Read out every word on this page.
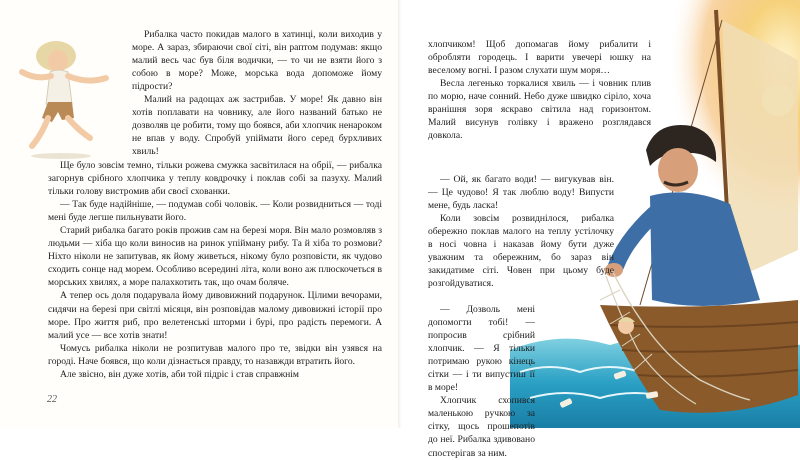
Рибалка часто покидав малого в хатинці, коли виходив у море. А зараз, збираючи свої сіті, він раптом подумав: якщо малий весь час був біля водички, — то чи не взяти його з собою в море? Може, морська вода допоможе йому підрости?

Малий на радощах аж застрибав. У море! Як давно він хотів поплавати на човнику, але його названий батько не дозволяв це робити, тому що боявся, аби хлопчик ненароком не впав у воду. Спробуй упіймати його серед бурхливих хвиль!

Ще було зовсім темно, тільки рожева смужка засвітилася на обрії, — рибалка загорнув срібного хлопчика у теплу ковдрочку і поклав собі за пазуху. Малий тільки голову вистромив аби своєї схованки.

— Так буде надійніше, — подумав собі чоловік. — Коли розвидниться — тоді мені буде легше пильнувати його.

Старий рибалка багато років прожив сам на березі моря. Він мало розмовляв з людьми — хіба що коли виносив на ринок упійману рибу. Та й хіба то розмови? Ніхто ніколи не запитував, як йому живеться, нікому було розповісти, як чудово сходить сонце над морем. Особливо всередині літа, коли воно аж плюскочеться в морських хвилях, а море палахкотить так, що очам боляче.

А тепер ось доля подарувала йому дивовижний подарунок. Цілими вечорами, сидячи на березі при світлі місяця, він розповідав малому дивовижні історії про море. Про життя риб, про велетенські шторми і бурі, про радість перемоги. А малий усе — все хотів знати!

Чомусь рибалка ніколи не розпитував малого про те, звідки він узявся на городі. Наче боявся, що коли дізнається правду, то назавжди втратить його.

Але звісно, він дуже хотів, аби той підріс і став справжнім

22

хлопчиком! Щоб допомагав йому рибалити і обробляти городець. І варити увечері юшку на веселому вогні. І разом слухати шум моря…

Весла легенько торкалися хвиль — і човник плив по морю, наче сонний. Небо дуже швидко сіріло, хоча вранішня зоря яскраво світила над горизонтом. Малий висунув голівку і вражено розглядався довкола.

— Ой, як багато води! — вигукував він. — Це чудово! Я так люблю воду! Випусти мене, будь ласка!

Коли зовсім розвиднілося, рибалка обережно поклав малого на теплу устілочку в носі човна і наказав йому бути дуже уважним та обережним, бо зараз він закидатиме сіті. Човен при цьому буде розгойдуватися.

— Дозволь мені допомогти тобі! — попросив срібний хлопчик. — Я тільки потримаю рукою кінець сітки — і ти випустиш її в море!

Хлопчик схопився маленькою ручкою за сітку, щось прошепотів до неї. Рибалка здивовано спостерігав за ним.
